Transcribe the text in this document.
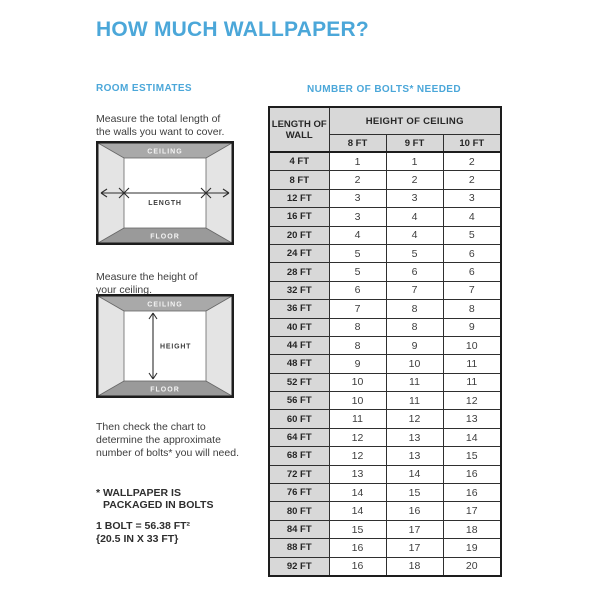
HOW MUCH WALLPAPER?
ROOM ESTIMATES	NUMBER OF BOLTS* NEEDED

Measure the total length of
the walls you want to cover.

CEILING
FLOOR
LENGTH

Measure the height of
your ceiling.

CEILING
FLOOR
HEIGHT

Then check the chart to
determine the approximate
number of bolts* you will need.

* WALLPAPER IS
PACKAGED IN BOLTS

1 BOLT = 56.38 FT²
{20.5 IN X 33 FT}

LENGTH OF WALL	HEIGHT OF CEILING		
	8 FT	9 FT	10 FT
4 FT	1	1	2
8 FT	2	2	2
12 FT	3	3	3
16 FT	3	4	4
20 FT	4	4	5
24 FT	5	5	6
28 FT	5	6	6
32 FT	6	7	7
36 FT	7	8	8
40 FT	8	8	9
44 FT	8	9	10
48 FT	9	10	11
52 FT	10	11	11
56 FT	10	11	12
60 FT	11	12	13
64 FT	12	13	14
68 FT	12	13	15
72 FT	13	14	16
76 FT	14	15	16
80 FT	14	16	17
84 FT	15	17	18
88 FT	16	17	19
92 FT	16	18	20
